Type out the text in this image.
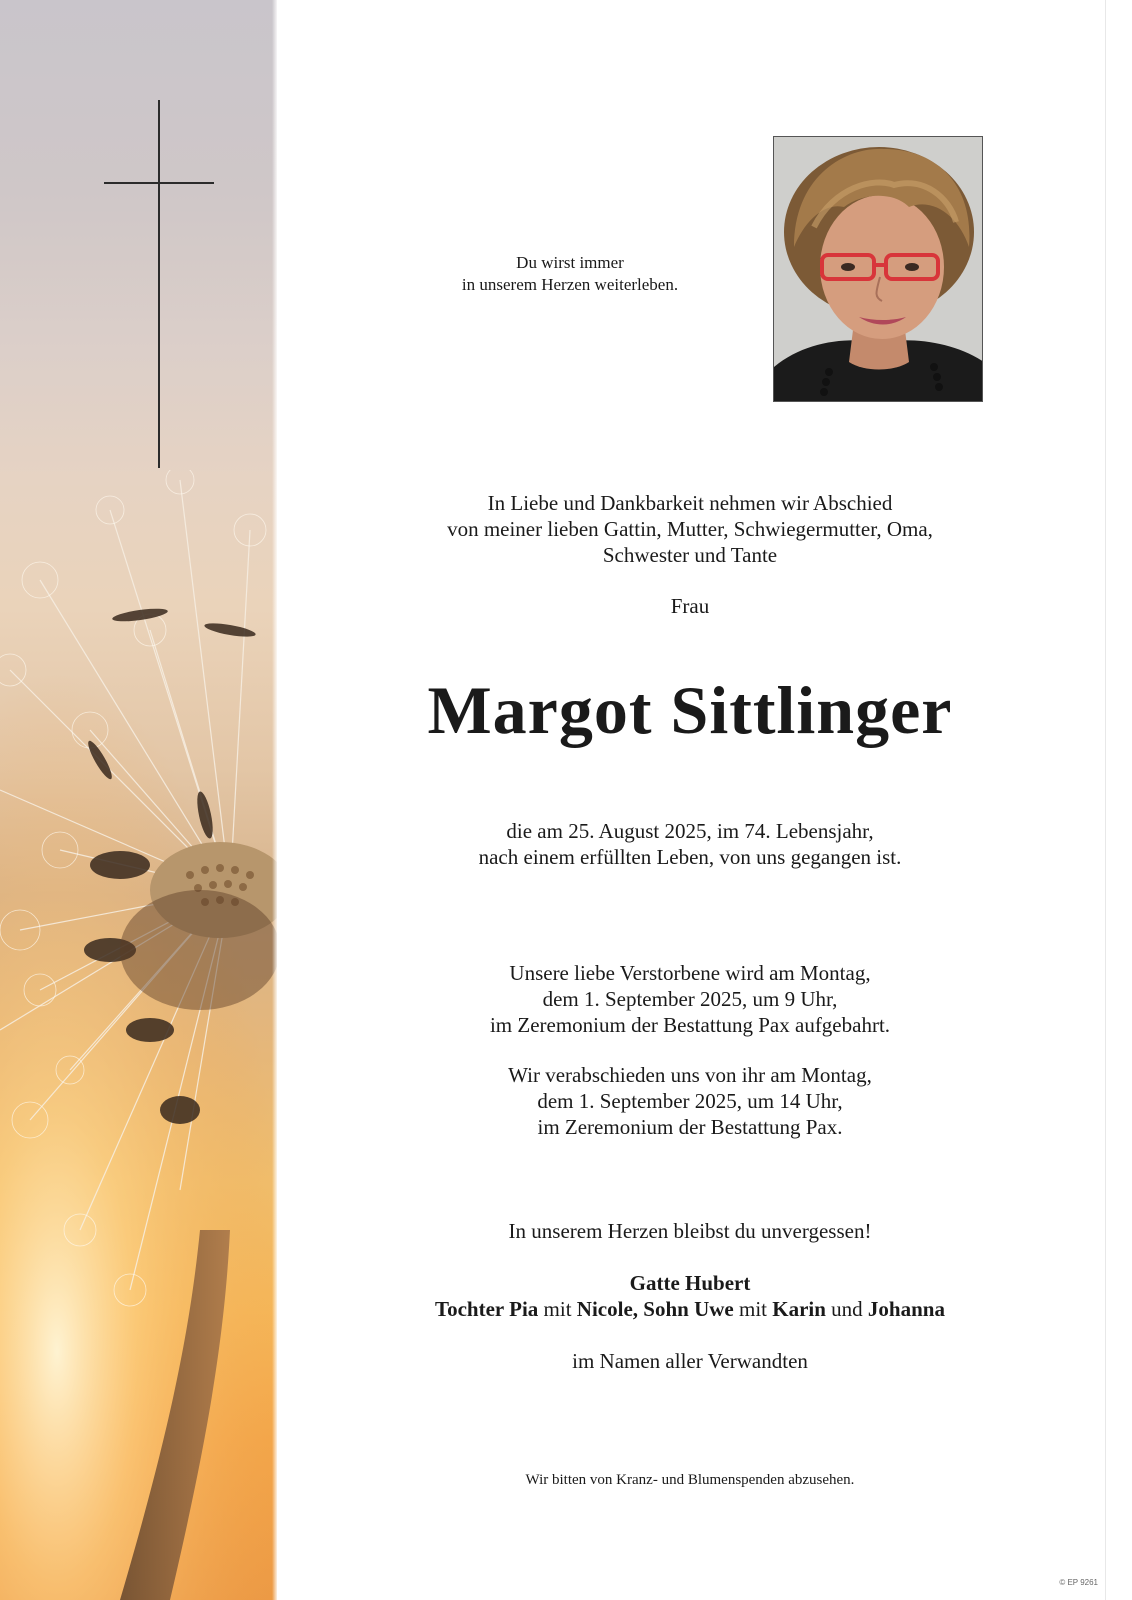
Du wirst immer
in unserem Herzen weiterleben.
In Liebe und Dankbarkeit nehmen wir Abschied
von meiner lieben Gattin, Mutter, Schwiegermutter, Oma,
Schwester und Tante
Frau
Margot Sittlinger
die am 25. August 2025, im 74. Lebensjahr,
nach einem erfüllten Leben, von uns gegangen ist.
Unsere liebe Verstorbene wird am Montag,
dem 1. September 2025, um 9 Uhr,
im Zeremonium der Bestattung Pax aufgebahrt.
Wir verabschieden uns von ihr am Montag,
dem 1. September 2025, um 14 Uhr,
im Zeremonium der Bestattung Pax.
In unserem Herzen bleibst du unvergessen!
Gatte Hubert
Tochter Pia mit Nicole, Sohn Uwe mit Karin und Johanna
im Namen aller Verwandten
Wir bitten von Kranz- und Blumenspenden abzusehen.
© EP 9261
